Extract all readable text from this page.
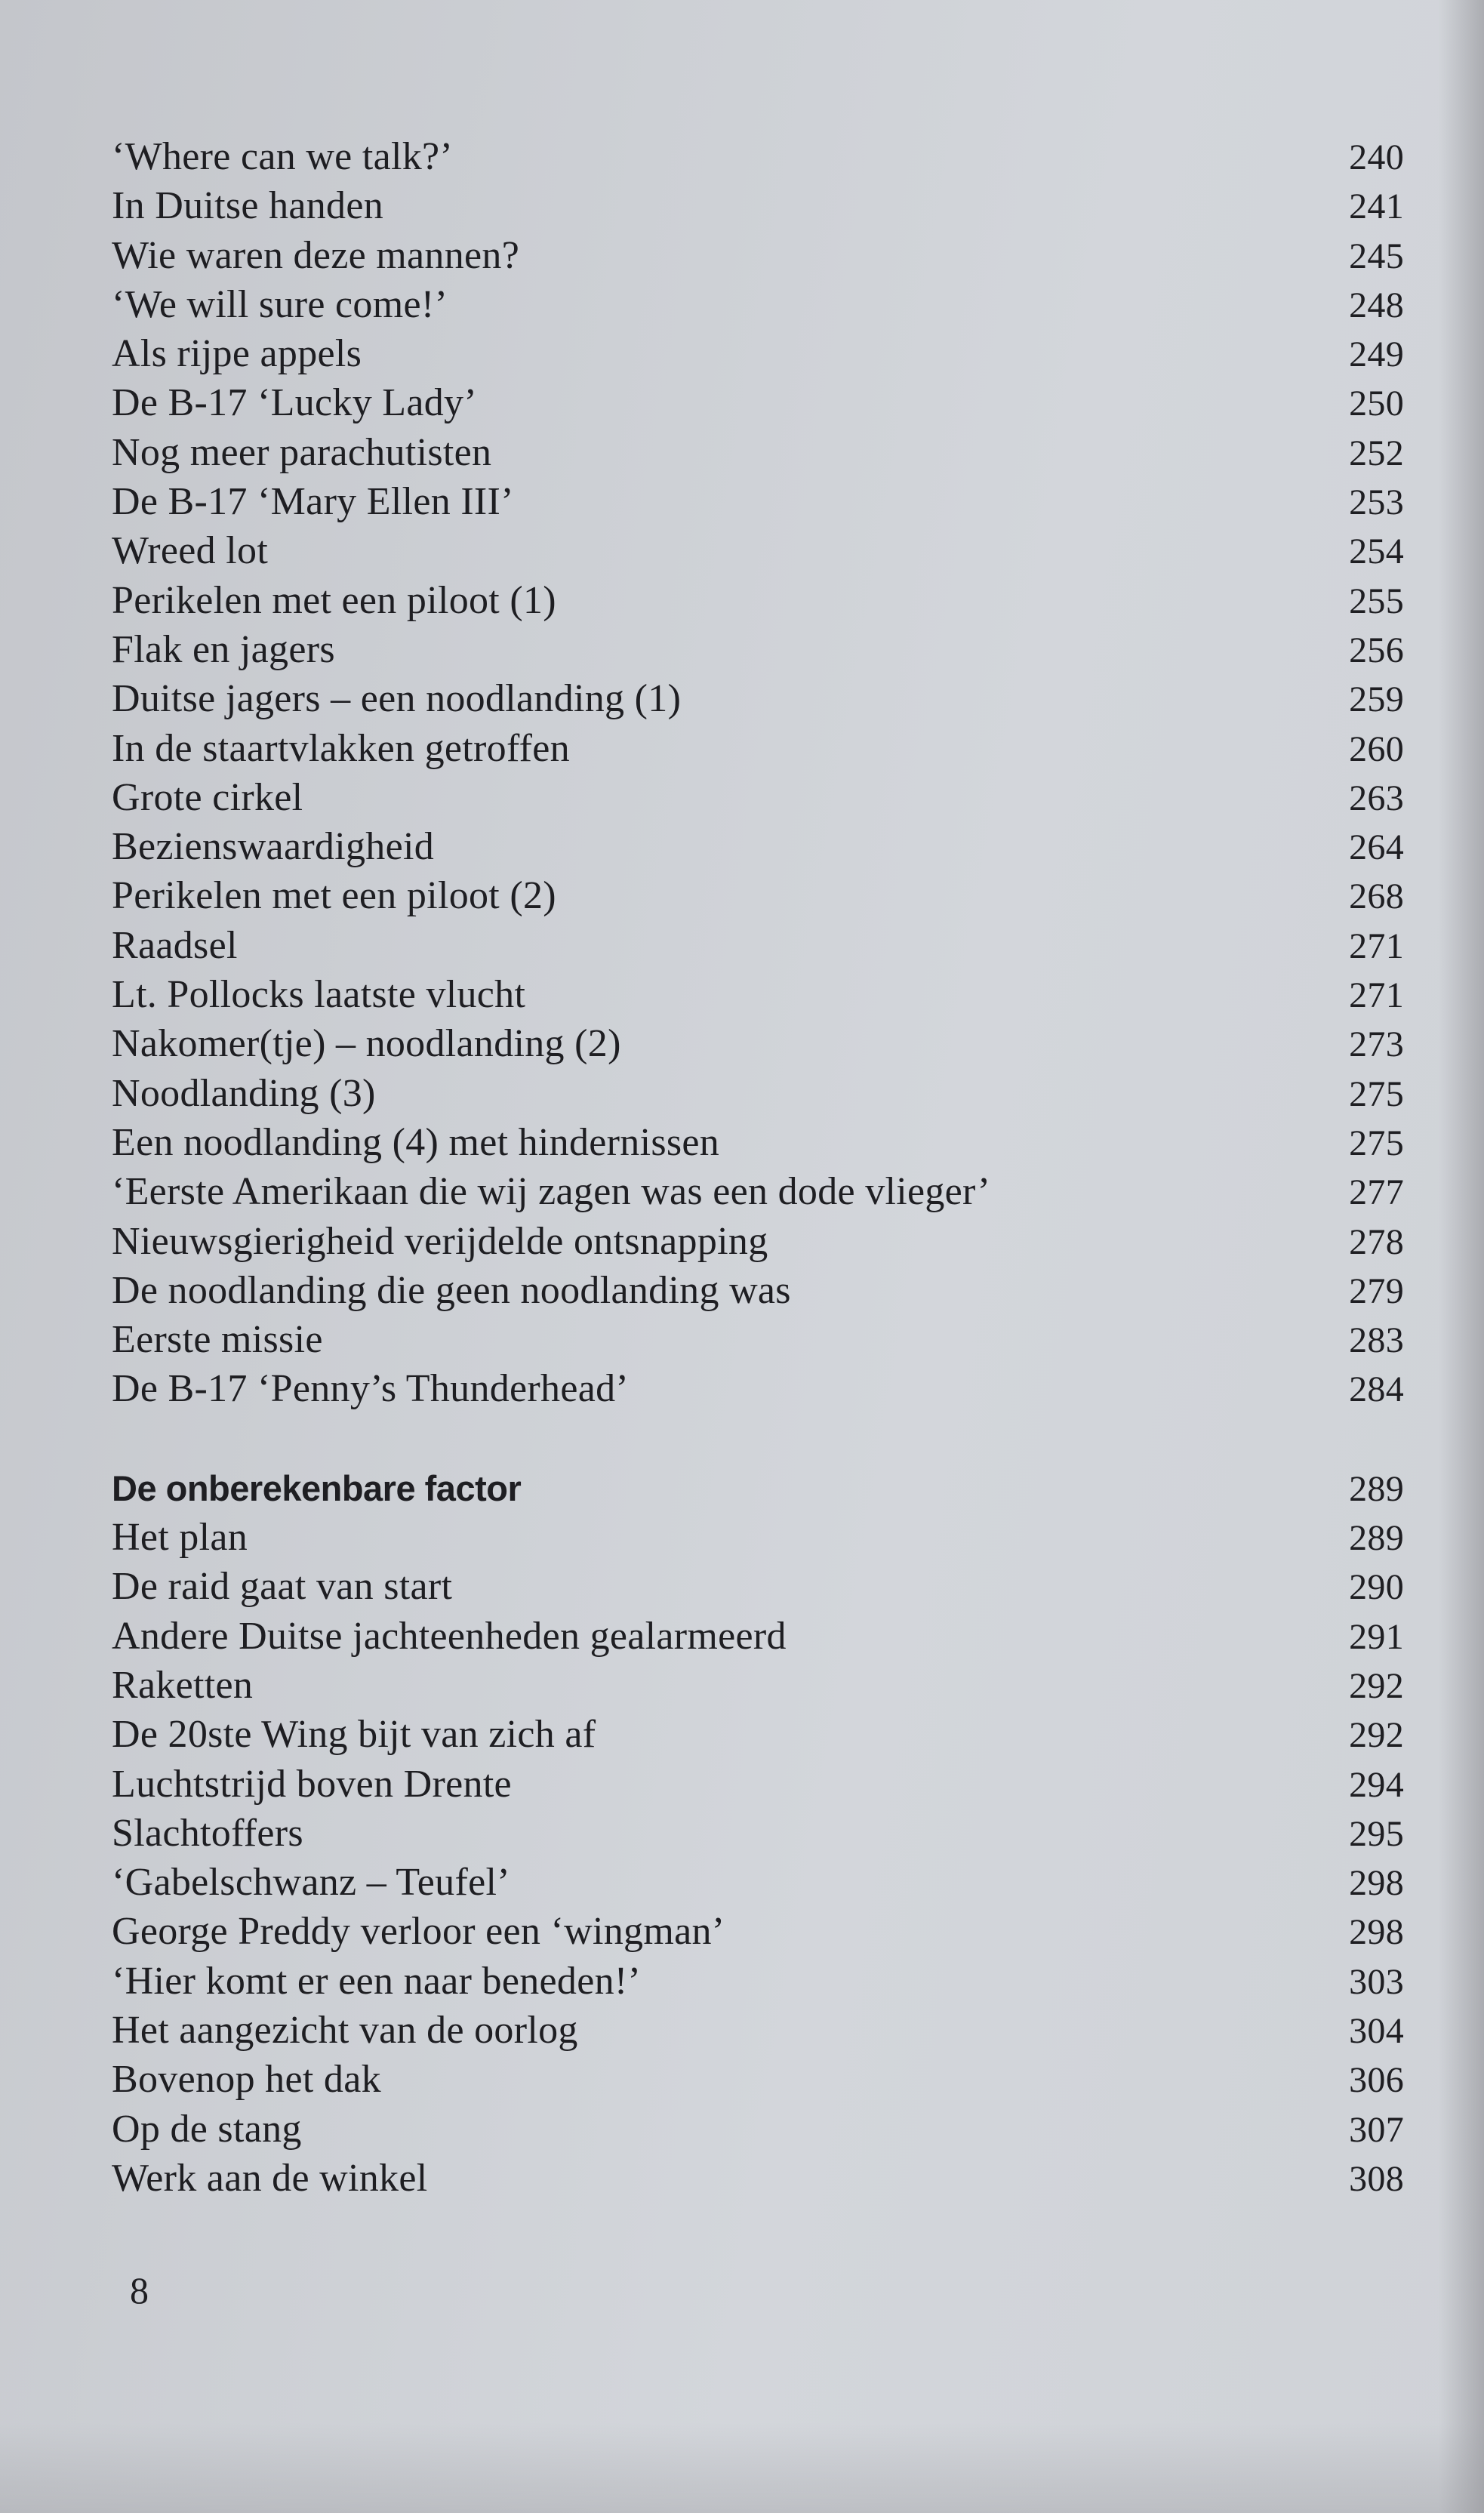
‘Where can we talk?’	240
In Duitse handen	241
Wie waren deze mannen?	245
‘We will sure come!’	248
Als rijpe appels	249
De B-17 ‘Lucky Lady’	250
Nog meer parachutisten	252
De B-17 ‘Mary Ellen III’	253
Wreed lot	254
Perikelen met een piloot (1)	255
Flak en jagers	256
Duitse jagers – een noodlanding (1)	259
In de staartvlakken getroffen	260
Grote cirkel	263
Bezienswaardigheid	264
Perikelen met een piloot (2)	268
Raadsel	271
Lt. Pollocks laatste vlucht	271
Nakomer(tje) – noodlanding (2)	273
Noodlanding (3)	275
Een noodlanding (4) met hindernissen	275
‘Eerste Amerikaan die wij zagen was een dode vlieger’	277
Nieuwsgierigheid verijdelde ontsnapping	278
De noodlanding die geen noodlanding was	279
Eerste missie	283
De B-17 ‘Penny’s Thunderhead’	284
De onberekenbare factor	289
Het plan	289
De raid gaat van start	290
Andere Duitse jachteenheden gealarmeerd	291
Raketten	292
De 20ste Wing bijt van zich af	292
Luchtstrijd boven Drente	294
Slachtoffers	295
‘Gabelschwanz – Teufel’	298
George Preddy verloor een ‘wingman’	298
‘Hier komt er een naar beneden!’	303
Het aangezicht van de oorlog	304
Bovenop het dak	306
Op de stang	307
Werk aan de winkel	308
8
